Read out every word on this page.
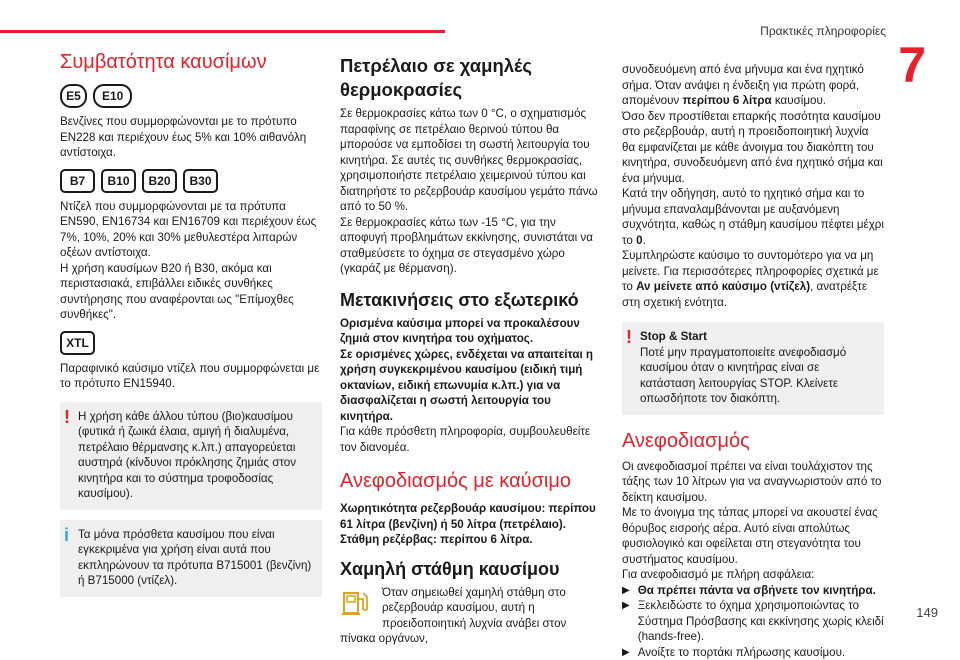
Πρακτικές πληροφορίες
7
149
Συμβατότητα καυσίμων
E5	E10

Βενζίνες που συμμορφώνονται με το πρότυπο EN228 και περιέχουν έως 5% και 10% αιθανόλη αντίστοιχα.

B7	B10	B20	B30

Ντίζελ που συμμορφώνονται με τα πρότυπα EN590, EN16734 και EN16709 και περιέχουν έως 7%, 10%, 20% και 30% μεθυλεστέρα λιπαρών οξέων αντίστοιχα.

Η χρήση καυσίμων B20 ή B30, ακόμα και περιστασιακά, επιβάλλει ειδικές συνθήκες συντήρησης που αναφέρονται ως "Επίμοχθες συνθήκες".

XTL

Παραφινικό καύσιμο ντίζελ που συμμορφώνεται με το πρότυπο EN15940.

! Η χρήση κάθε άλλου τύπου (βιο)καυσίμου (φυτικά ή ζωικά έλαια, αμιγή ή διαλυμένα, πετρέλαιο θέρμανσης κ.λπ.) απαγορεύεται αυστηρά (κίνδυνοι πρόκλησης ζημιάς στον κινητήρα και το σύστημα τροφοδοσίας καυσίμου).

i Τα μόνα πρόσθετα καυσίμου που είναι εγκεκριμένα για χρήση είναι αυτά που εκπληρώνουν τα πρότυπα B715001 (βενζίνη) ή B715000 (ντίζελ).

Πετρέλαιο σε χαμηλές θερμοκρασίες

Σε θερμοκρασίες κάτω των 0 °C, ο σχηματισμός παραφίνης σε πετρέλαιο θερινού τύπου θα μπορούσε να εμποδίσει τη σωστή λειτουργία του κινητήρα. Σε αυτές τις συνθήκες θερμοκρασίας, χρησιμοποιήστε πετρέλαιο χειμερινού τύπου και διατηρήστε το ρεζερβουάρ καυσίμου γεμάτο πάνω από το 50 %.

Σε θερμοκρασίες κάτω των -15 °C, για την αποφυγή προβλημάτων εκκίνησης, συνιστάται να σταθμεύσετε το όχημα σε στεγασμένο χώρο (γκαράζ με θέρμανση).

Μετακινήσεις στο εξωτερικό

Ορισμένα καύσιμα μπορεί να προκαλέσουν ζημιά στον κινητήρα του οχήματος.

Σε ορισμένες χώρες, ενδέχεται να απαιτείται η χρήση συγκεκριμένου καυσίμου (ειδική τιμή οκτανίων, ειδική επωνυμία κ.λπ.) για να διασφαλίζεται η σωστή λειτουργία του κινητήρα.

Για κάθε πρόσθετη πληροφορία, συμβουλευθείτε τον διανομέα.

Ανεφοδιασμός με καύσιμο

Χωρητικότητα ρεζερβουάρ καυσίμου: περίπου 61 λίτρα (βενζίνη) ή 50 λίτρα (πετρέλαιο).

Στάθμη ρεζέρβας: περίπου 6 λίτρα.

Χαμηλή στάθμη καυσίμου

Όταν σημειωθεί χαμηλή στάθμη στο ρεζερβουάρ καυσίμου, αυτή η προειδοποιητική λυχνία ανάβει στον πίνακα οργάνων,

συνοδευόμενη από ένα μήνυμα και ένα ηχητικό σήμα. Όταν ανάψει η ένδειξη για πρώτη φορά, απομένουν περίπου 6 λίτρα καυσίμου.

Όσο δεν προστίθεται επαρκής ποσότητα καυσίμου στο ρεζερβουάρ, αυτή η προειδοποιητική λυχνία θα εμφανίζεται με κάθε άνοιγμα του διακόπτη του κινητήρα, συνοδευόμενη από ένα ηχητικό σήμα και ένα μήνυμα.

Κατά την οδήγηση, αυτό το ηχητικό σήμα και το μήνυμα επαναλαμβάνονται με αυξανόμενη συχνότητα, καθώς η στάθμη καυσίμου πέφτει μέχρι το 0.

Συμπληρώστε καύσιμο το συντομότερο για να μη μείνετε. Για περισσότερες πληροφορίες σχετικά με το Αν μείνετε από καύσιμο (ντίζελ), ανατρέξτε στη σχετική ενότητα.

! Stop & Start

Ποτέ μην πραγματοποιείτε ανεφοδιασμό καυσίμου όταν ο κινητήρας είναι σε κατάσταση λειτουργίας STOP. Κλείνετε οπωσδήποτε τον διακόπτη.

Ανεφοδιασμός

Οι ανεφοδιασμοί πρέπει να είναι τουλάχιστον της τάξης των 10 λίτρων για να αναγνωριστούν από το δείκτη καυσίμου.

Με το άνοιγμα της τάπας μπορεί να ακουστεί ένας θόρυβος εισροής αέρα. Αυτό είναι απολύτως φυσιολογικό και οφείλεται στη στεγανότητα του συστήματος καυσίμου.

Για ανεφοδιασμό με πλήρη ασφάλεια:

▶ Θα πρέπει πάντα να σβήνετε τον κινητήρα.

▶ Ξεκλειδώστε το όχημα χρησιμοποιώντας το Σύστημα Πρόσβασης και εκκίνησης χωρίς κλειδί (hands-free).

▶ Ανοίξτε το πορτάκι πλήρωσης καυσίμου.
